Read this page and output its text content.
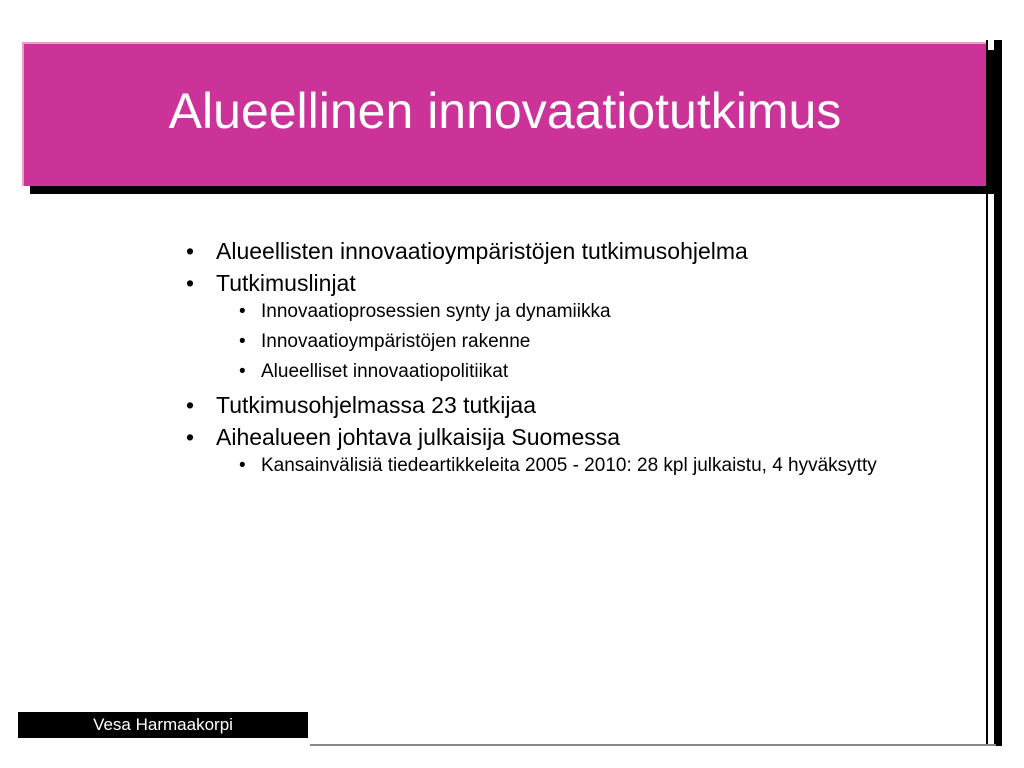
Alueellinen innovaatiotutkimus
• Alueellisten innovaatioympäristöjen tutkimusohjelma
• Tutkimuslinjat
• Innovaatioprosessien synty ja dynamiikka
• Innovaatioympäristöjen rakenne
• Alueelliset innovaatiopolitiikat
• Tutkimusohjelmassa 23 tutkijaa
• Aihealueen johtava julkaisija Suomessa
• Kansainvälisiä tiedeartikkeleita 2005 - 2010: 28 kpl julkaistu, 4 hyväksytty
Vesa Harmaakorpi
